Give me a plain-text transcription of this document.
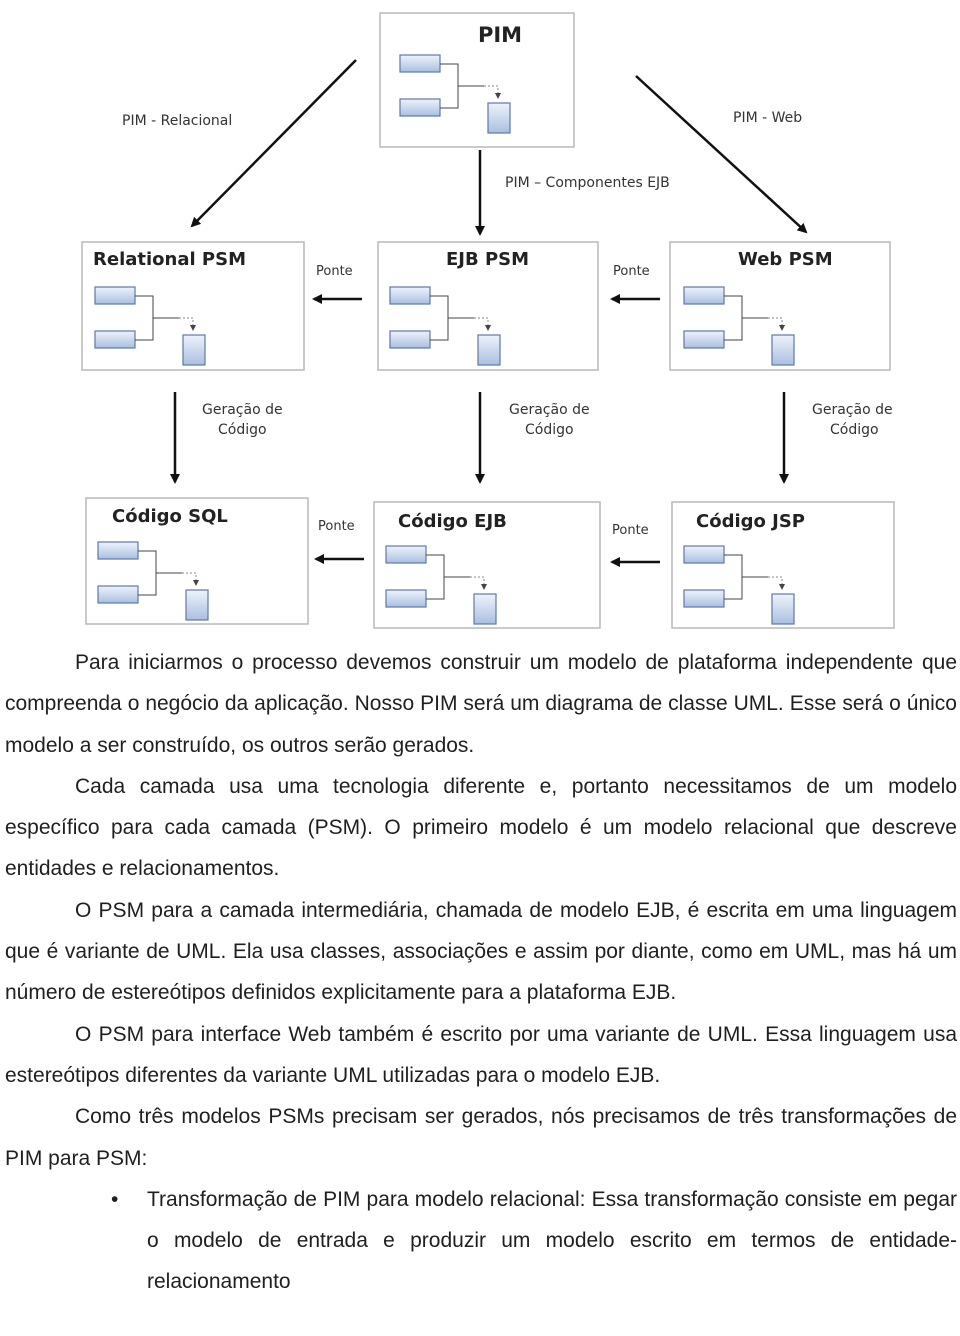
PIM
PIM - Relacional	PIM - Web
PIM – Componentes EJB
Relational PSM	EJB PSM	Web PSM
Ponte	Ponte
Geração de Código
Geração de Código
Geração de Código
Código SQL	Código EJB	Código JSP
Ponte	Ponte

Para iniciarmos o processo devemos construir um modelo de plataforma independente que compreenda o negócio da aplicação. Nosso PIM será um diagrama de classe UML. Esse será o único modelo a ser construído, os outros serão gerados.

Cada camada usa uma tecnologia diferente e, portanto necessitamos de um modelo específico para cada camada (PSM). O primeiro modelo é um modelo relacional que descreve entidades e relacionamentos.

O PSM para a camada intermediária, chamada de modelo EJB, é escrita em uma linguagem que é variante de UML. Ela usa classes, associações e assim por diante, como em UML, mas há um número de estereótipos definidos explicitamente para a plataforma EJB.

O PSM para interface Web também é escrito por uma variante de UML. Essa linguagem usa estereótipos diferentes da variante UML utilizadas para o modelo EJB.

Como três modelos PSMs precisam ser gerados, nós precisamos de três transformações de PIM para PSM:

• Transformação de PIM para modelo relacional: Essa transformação consiste em pegar o modelo de entrada e produzir um modelo escrito em termos de entidade-relacionamento
